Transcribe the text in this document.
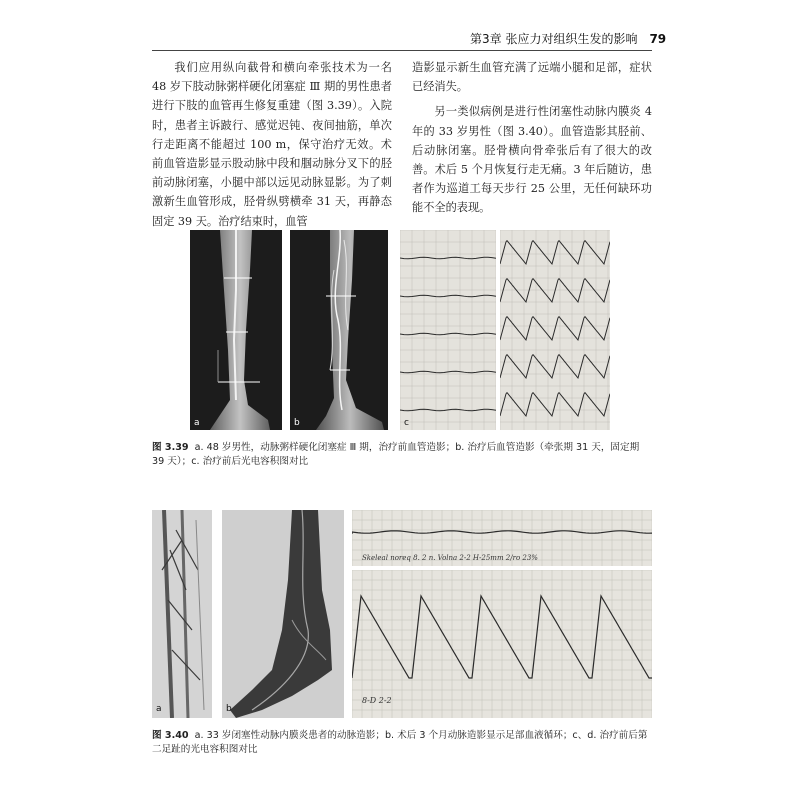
第3章 张应力对组织生发的影响 79

我们应用纵向截骨和横向牵张技术为一名 48 岁下肢动脉粥样硬化闭塞症 Ⅲ 期的男性患者进行下肢的血管再生修复重建（图 3.39）。入院时，患者主诉跛行、感觉迟钝、夜间抽筋，单次行走距离不能超过 100 m，保守治疗无效。术前血管造影显示股动脉中段和腘动脉分叉下的胫前动脉闭塞，小腿中部以远见动脉显影。为了刺激新生血管形成，胫骨纵劈横牵 31 天，再静态固定 39 天。治疗结束时，血管

造影显示新生血管充满了远端小腿和足部，症状已经消失。

另一类似病例是进行性闭塞性动脉内膜炎 4 年的 33 岁男性（图 3.40）。血管造影其胫前、后动脉闭塞。胫骨横向骨牵张后有了很大的改善。术后 5 个月恢复行走无痛。3 年后随访，患者作为巡道工每天步行 25 公里，无任何缺环功能不全的表现。

a	b	c
图 3.39 a. 48 岁男性，动脉粥样硬化闭塞症 Ⅲ 期，治疗前血管造影；b. 治疗后血管造影（牵张期 31 天，固定期 39 天）；c. 治疗前后光电容积图对比
a	b
Skeleal noreq 8. 2 n. Volna 2-2 H-25mm 2/ro 23%
8-D 2-2
图 3.40 a. 33 岁闭塞性动脉内膜炎患者的动脉造影；b. 术后 3 个月动脉造影显示足部血液循环；c、d. 治疗前后第二足趾的光电容积图对比
